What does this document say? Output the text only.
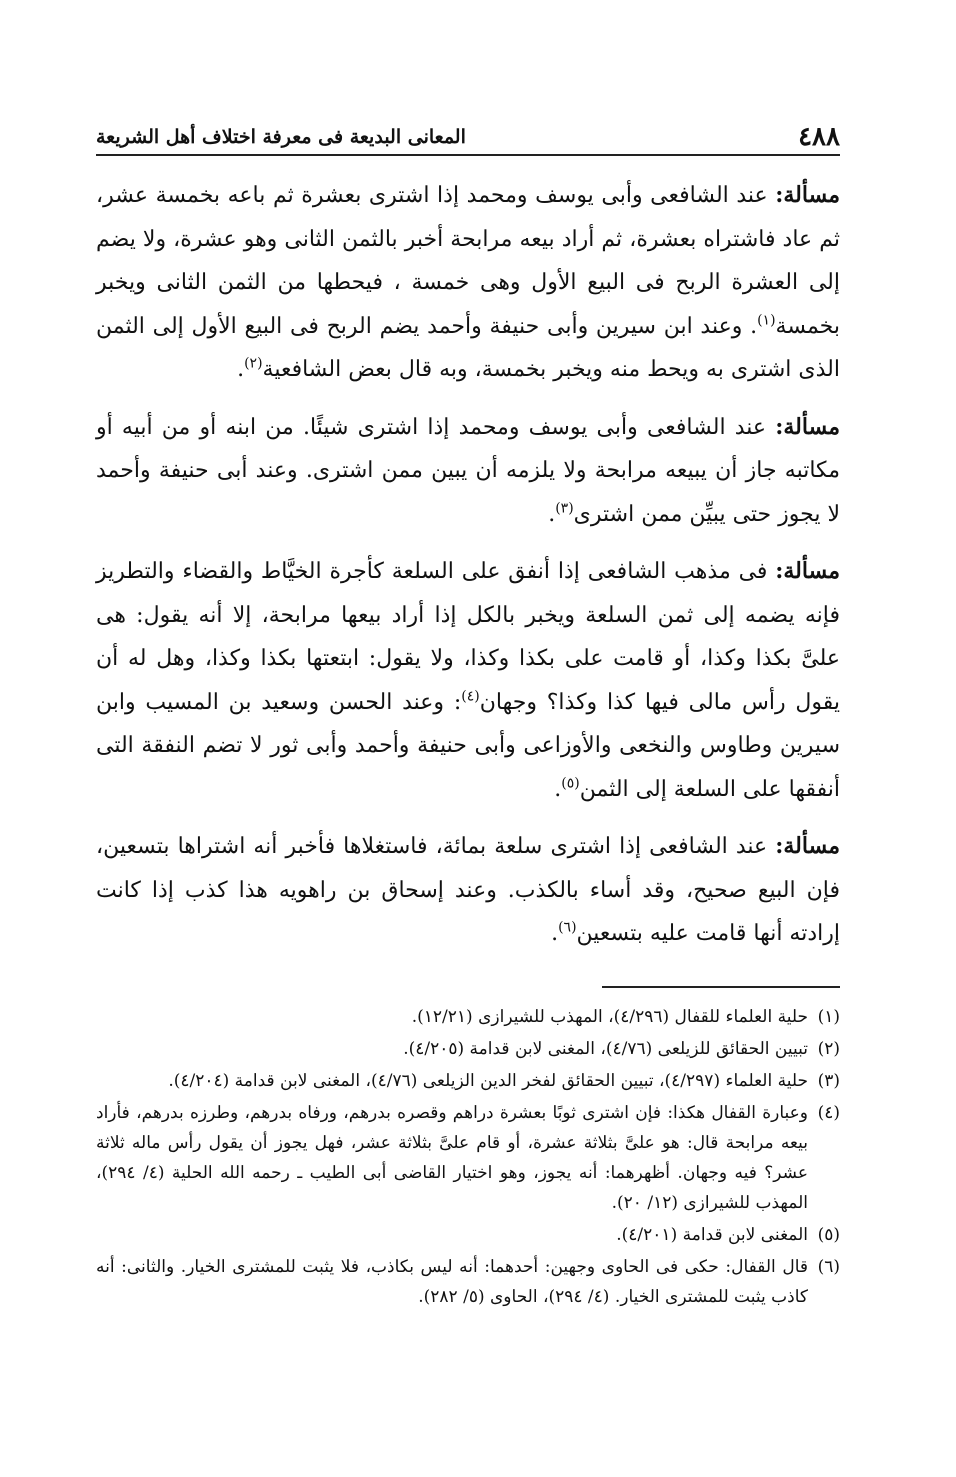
٤٨٨
المعانى البديعة فى معرفة اختلاف أهل الشريعة

مسألة: عند الشافعى وأبى يوسف ومحمد إذا اشترى بعشرة ثم باعه بخمسة عشر، ثم عاد فاشتراه بعشرة، ثم أراد بيعه مرابحة أخبر بالثمن الثانى وهو عشرة، ولا يضم إلى العشرة الربح فى البيع الأول وهى خمسة ، فيحطها من الثمن الثانى ويخبر بخمسة$^{(١)}$. وعند ابن سيرين وأبى حنيفة وأحمد يضم الربح فى البيع الأول إلى الثمن الذى اشترى به ويحط منه ويخبر بخمسة، وبه قال بعض الشافعية$^{(٢)}$.

مسألة: عند الشافعى وأبى يوسف ومحمد إذا اشترى شيئًا. من ابنه أو من أبيه أو مكاتبه جاز أن يبيعه مرابحة ولا يلزمه أن يبين ممن اشترى. وعند أبى حنيفة وأحمد لا يجوز حتى يبيِّن ممن اشترى$^{(٣)}$.

مسألة: فى مذهب الشافعى إذا أنفق على السلعة كأجرة الخيَّاط والقضاء والتطريز فإنه يضمه إلى ثمن السلعة ويخبر بالكل إذا أراد بيعها مرابحة، إلا أنه يقول: هى علىَّ بكذا وكذا، أو قامت على بكذا وكذا، ولا يقول: ابتعتها بكذا وكذا، وهل له أن يقول رأس مالى فيها كذا وكذا؟ وجهان$^{(٤)}$: وعند الحسن وسعيد بن المسيب وابن سيرين وطاوس والنخعى والأوزاعى وأبى حنيفة وأحمد وأبى ثور لا تضم النفقة التى أنفقها على السلعة إلى الثمن$^{(٥)}$.

مسألة: عند الشافعى إذا اشترى سلعة بمائة، فاستغلاها فأخبر أنه اشتراها بتسعين، فإن البيع صحيح، وقد أساء بالكذب. وعند إسحاق بن راهويه هذا كذب إذا كانت إرادته أنها قامت عليه بتسعين$^{(٦)}$.

(١)
حلية العلماء للقفال (٤/٢٩٦)، المهذب للشيرازى (١٢/٢١).
(٢)
تبيين الحقائق للزيلعى (٤/٧٦)، المغنى لابن قدامة (٤/٢٠٥).
(٣)
حلية العلماء (٤/٢٩٧)، تبيين الحقائق لفخر الدين الزيلعى (٤/٧٦)، المغنى لابن قدامة (٤/٢٠٤).
(٤)
وعبارة القفال هكذا: فإن اشترى ثوبًا بعشرة دراهم وقصره بدرهم، ورفاه بدرهم، وطرزه بدرهم، فأراد بيعه مرابحة قال: هو علىَّ بثلاثة عشرة، أو قام علىَّ بثلاثة عشر، فهل يجوز أن يقول رأس ماله ثلاثة عشر؟ فيه وجهان. أظهرهما: أنه يجوز، وهو اختيار القاضى أبى الطيب ـ رحمه الله الحلية (٤/ ٢٩٤)، المهذب للشيرازى (١٢/ ٢٠).
(٥)
المغنى لابن قدامة (٤/٢٠١).
(٦)
قال القفال: حكى فى الحاوى وجهين: أحدهما: أنه ليس بكاذب، فلا يثبت للمشترى الخيار. والثانى: أنه كاذب يثبت للمشترى الخيار. (٤/ ٢٩٤)، الحاوى (٥/ ٢٨٢).
